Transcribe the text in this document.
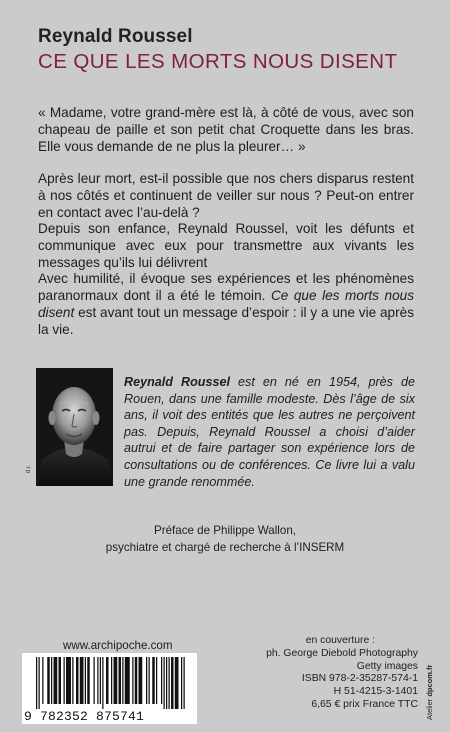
Reynald Roussel
CE QUE LES MORTS NOUS DISENT

« Madame, votre grand-mère est là, à côté de vous, avec son chapeau de paille et son petit chat Croquette dans les bras. Elle vous demande de ne plus la pleurer… »

Après leur mort, est-il possible que nos chers disparus restent à nos côtés et continuent de veiller sur nous ? Peut-on entrer en contact avec l’au-delà ?

Depuis son enfance, Reynald Roussel, voit les défunts et communique avec eux pour transmettre aux vivants les messages qu’ils lui délivrent

Avec humilité, il évoque ses expériences et les phénomènes paranormaux dont il a été le témoin. Ce que les morts nous disent est avant tout un message d’espoir : il y a une vie après la vie.

d.r.

Reynald Roussel est en né en 1954, près de Rouen, dans une famille modeste. Dès l’âge de six ans, il voit des entités que les autres ne perçoivent pas. Depuis, Reynald Roussel a choisi d’aider autrui et de faire partager son expérience lors de consultations ou de conférences. Ce livre lui a valu une grande renommée.

Préface de Philippe Wallon,
psychiatre et chargé de recherche à l’INSERM
www.archipoche.com
9 782352 875741
en couverture :
ph. George Diebold Photography
Getty images
ISBN 978-2-35287-574-1
H 51-4215-3-1401
6,65 € prix France TTC Atelier dpcom.fr
